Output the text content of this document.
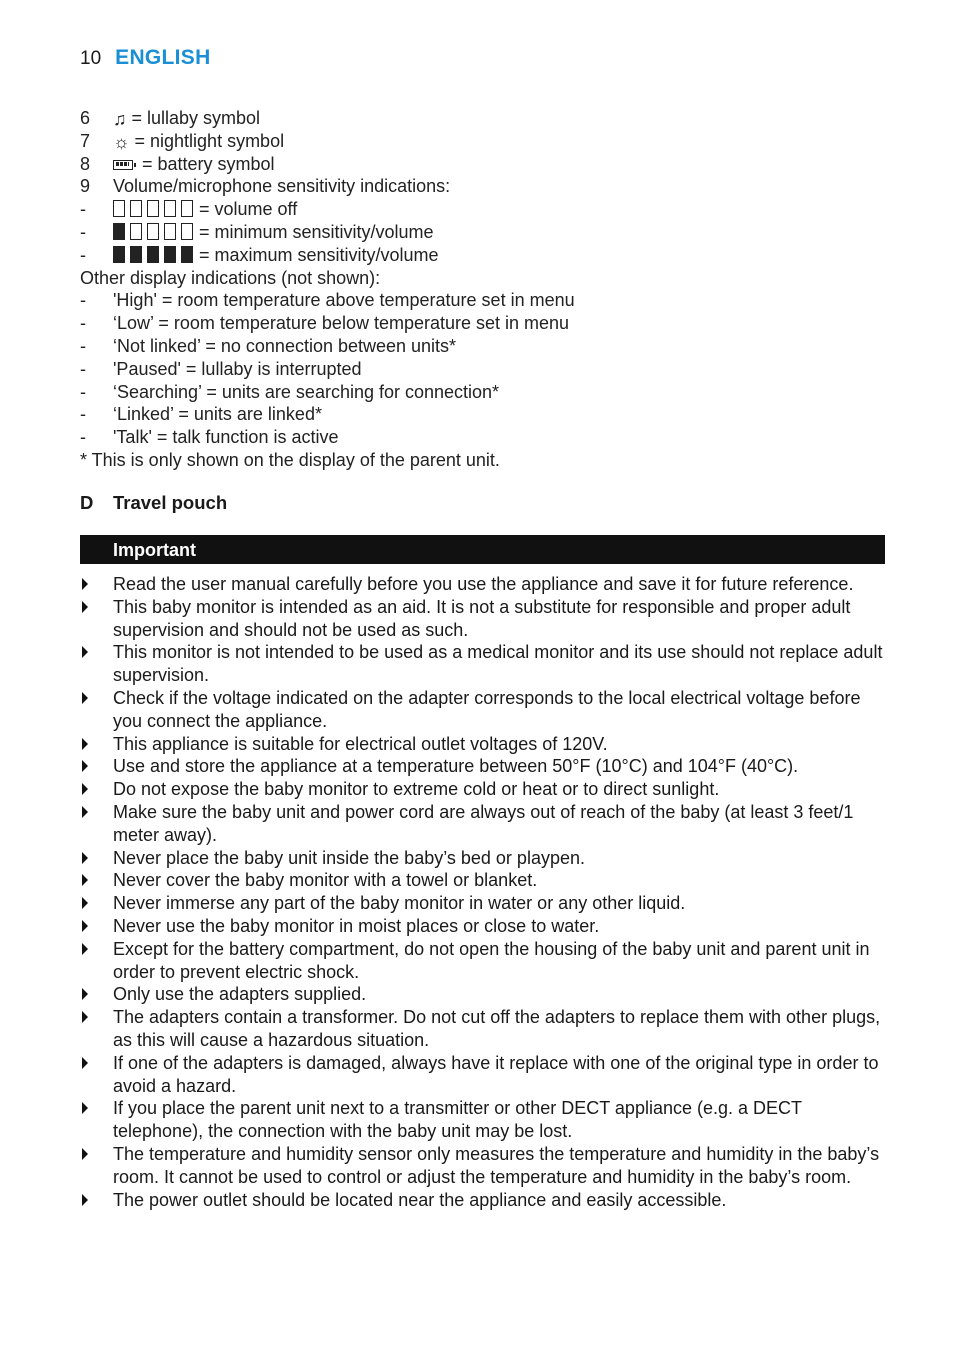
10 ENGLISH
6	♫ = lullaby symbol
7	☼ = nightlight symbol
8	= battery symbol
9	Volume/microphone sensitivity indications:
-	= volume off
-	= minimum sensitivity/volume
-	= maximum sensitivity/volume
Other display indications (not shown):
-	'High' = room temperature above temperature set in menu
-	‘Low’ = room temperature below temperature set in menu
-	‘Not linked’ = no connection between units*
-	'Paused' = lullaby is interrupted
-	‘Searching’ = units are searching for connection*
-	‘Linked’ = units are linked*
-	'Talk' = talk function is active
* This is only shown on the display of the parent unit.
D	Travel pouch
Important
Read the user manual carefully before you use the appliance and save it for future reference.
This baby monitor is intended as an aid. It is not a substitute for responsible and proper adult supervision and should not be used as such.
This monitor is not intended to be used as a medical monitor and its use should not replace adult supervision.
Check if the voltage indicated on the adapter corresponds to the local electrical voltage before you connect the appliance.
This appliance is suitable for electrical outlet voltages of 120V.
Use and store the appliance at a temperature between 50°F (10°C) and 104°F (40°C).
Do not expose the baby monitor to extreme cold or heat or to direct sunlight.
Make sure the baby unit and power cord are always out of reach of the baby (at least 3 feet/1 meter away).
Never place the baby unit inside the baby’s bed or playpen.
Never cover the baby monitor with a towel or blanket.
Never immerse any part of the baby monitor in water or any other liquid.
Never use the baby monitor in moist places or close to water.
Except for the battery compartment, do not open the housing of the baby unit and parent unit in order to prevent electric shock.
Only use the adapters supplied.
The adapters contain a transformer. Do not cut off the adapters to replace them with other plugs, as this will cause a hazardous situation.
If one of the adapters is damaged, always have it replace with one of the original type in order to avoid a hazard.
If you place the parent unit next to a transmitter or other DECT appliance (e.g. a DECT telephone), the connection with the baby unit may be lost.
The temperature and humidity sensor only measures the temperature and humidity in the baby’s room. It cannot be used to control or adjust the temperature and humidity in the baby’s room.
The power outlet should be located near the appliance and easily accessible.
